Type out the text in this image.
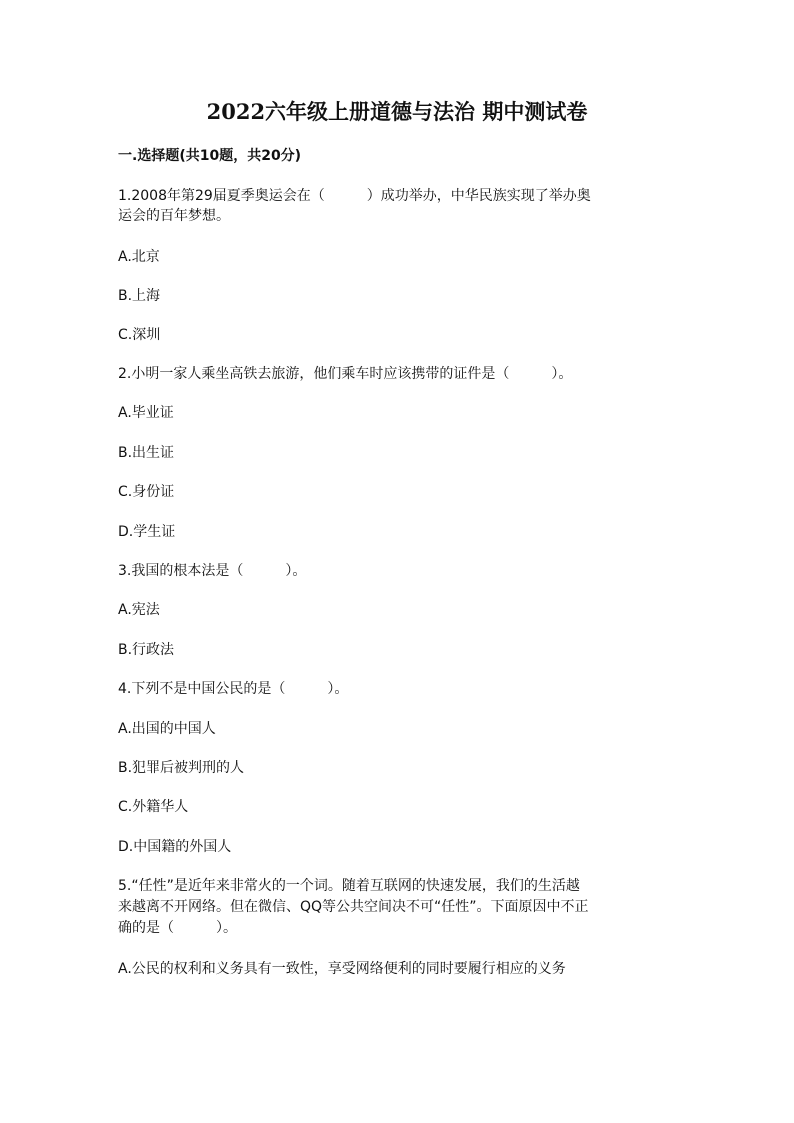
2022六年级上册道德与法治 期中测试卷
一.选择题(共10题，共20分)
1.2008年第29届夏季奥运会在（　　　）成功举办，中华民族实现了举办奥
运会的百年梦想。
A.北京
B.上海
C.深圳
2.小明一家人乘坐高铁去旅游，他们乘车时应该携带的证件是（　　　）。
A.毕业证
B.出生证
C.身份证
D.学生证
3.我国的根本法是（　　　）。
A.宪法
B.行政法
4.下列不是中国公民的是（　　　）。
A.出国的中国人
B.犯罪后被判刑的人
C.外籍华人
D.中国籍的外国人
5.“任性”是近年来非常火的一个词。随着互联网的快速发展，我们的生活越
来越离不开网络。但在微信、QQ等公共空间决不可“任性”。下面原因中不正
确的是（　　　）。
A.公民的权利和义务具有一致性，享受网络便利的同时要履行相应的义务
